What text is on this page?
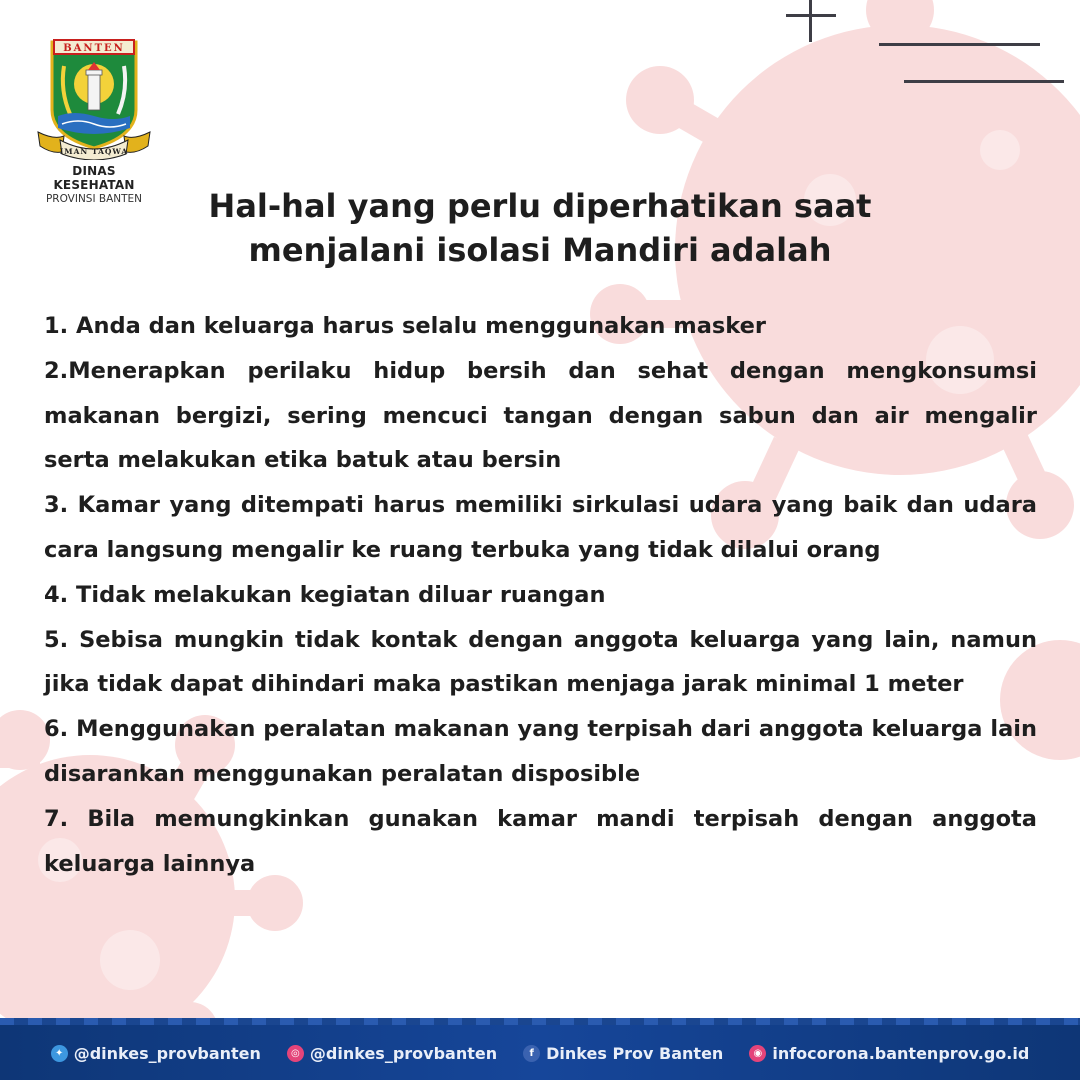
BANTEN
IMAN TAQWA
DINAS KESEHATAN
PROVINSI BANTEN	Hal-hal yang perlu diperhatikan saat
menjalani isolasi Mandiri adalah

1. Anda dan keluarga harus selalu menggunakan masker

2.Menerapkan perilaku hidup bersih dan sehat dengan mengkonsumsi makanan bergizi, sering mencuci tangan dengan sabun dan air mengalir serta melakukan etika batuk atau bersin

3. Kamar yang ditempati harus memiliki sirkulasi udara yang baik dan udara cara langsung mengalir ke ruang terbuka yang tidak dilalui orang

4. Tidak melakukan kegiatan diluar ruangan

5. Sebisa mungkin tidak kontak dengan anggota keluarga yang lain, namun jika tidak dapat dihindari maka pastikan menjaga jarak minimal 1 meter

6. Menggunakan peralatan makanan yang terpisah dari anggota keluarga lain disarankan menggunakan peralatan disposible

7. Bila memungkinkan gunakan kamar mandi terpisah dengan anggota keluarga lainnya

✦ @dinkes_provbanten	◎ @dinkes_provbanten	f Dinkes Prov Banten	◉ infocorona.bantenprov.go.id
